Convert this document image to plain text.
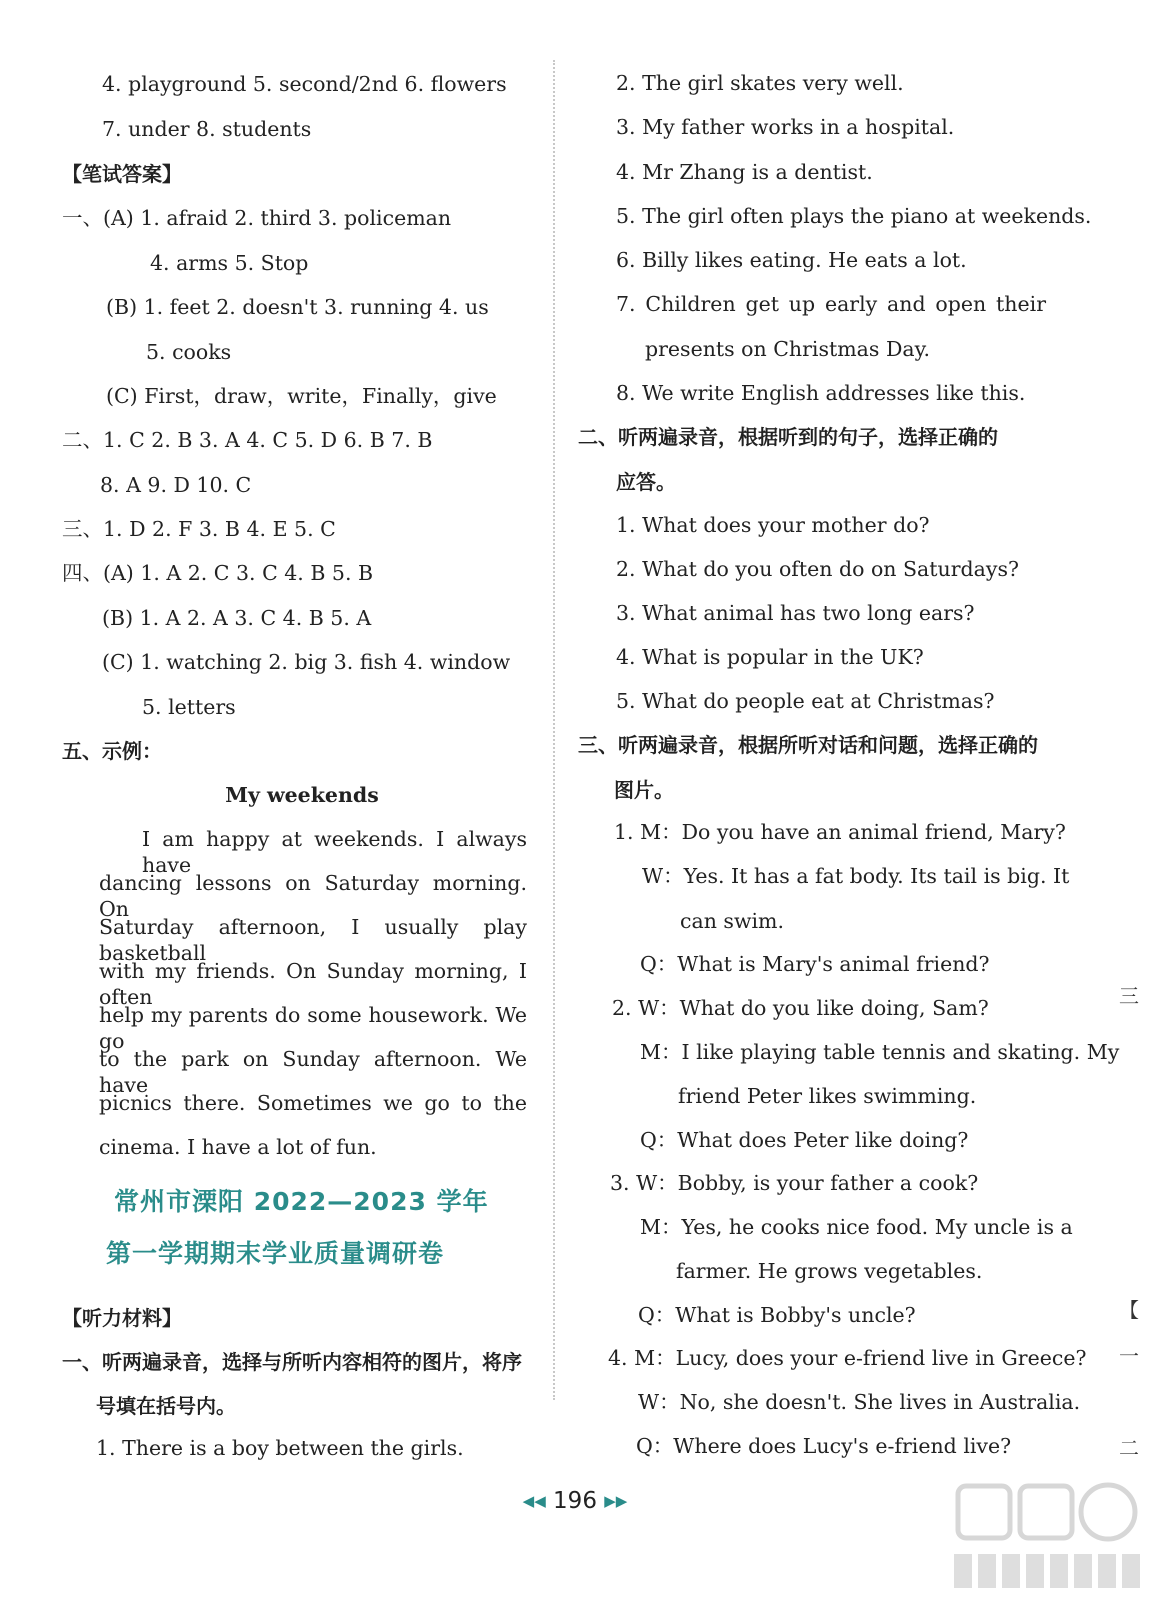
4. playground 5. second/2nd 6. flowers
7. under 8. students
【笔试答案】
一、(A) 1. afraid 2. third 3. policeman
4. arms 5. Stop
(B) 1. feet 2. doesn't 3. running 4. us
5. cooks
(C) First，draw，write，Finally，give
二、1. C 2. B 3. A 4. C 5. D 6. B 7. B
8. A 9. D 10. C
三、1. D 2. F 3. B 4. E 5. C
四、(A) 1. A 2. C 3. C 4. B 5. B
(B) 1. A 2. A 3. C 4. B 5. A
(C) 1. watching 2. big 3. fish 4. window
5. letters
五、示例：
My weekends
I am happy at weekends. I always have
dancing lessons on Saturday morning. On
Saturday afternoon, I usually play basketball
with my friends. On Sunday morning, I often
help my parents do some housework. We go
to the park on Sunday afternoon. We have
picnics there. Sometimes we go to the
cinema. I have a lot of fun.
常州市溧阳 2022—2023 学年
第一学期期末学业质量调研卷
【听力材料】
一、听两遍录音，选择与所听内容相符的图片，将序
号填在括号内。
1. There is a boy between the girls.
2. The girl skates very well.
3. My father works in a hospital.
4. Mr Zhang is a dentist.
5. The girl often plays the piano at weekends.
6. Billy likes eating. He eats a lot.
7. Children get up early and open their
presents on Christmas Day.
8. We write English addresses like this.
二、听两遍录音，根据听到的句子，选择正确的
应答。
1. What does your mother do?
2. What do you often do on Saturdays?
3. What animal has two long ears?
4. What is popular in the UK?
5. What do people eat at Christmas?
三、听两遍录音，根据所听对话和问题，选择正确的
图片。
1. M：Do you have an animal friend, Mary?
W：Yes. It has a fat body. Its tail is big. It
can swim.
Q：What is Mary's animal friend?
2. W：What do you like doing, Sam?
M：I like playing table tennis and skating. My
friend Peter likes swimming.
Q：What does Peter like doing?
3. W：Bobby, is your father a cook?
M：Yes, he cooks nice food. My uncle is a
farmer. He grows vegetables.
Q：What is Bobby's uncle?
4. M：Lucy, does your e-friend live in Greece?
W：No, she doesn't. She lives in Australia.
Q：Where does Lucy's e-friend live?
三
【
一
二
◀◀ 196 ▶▶
